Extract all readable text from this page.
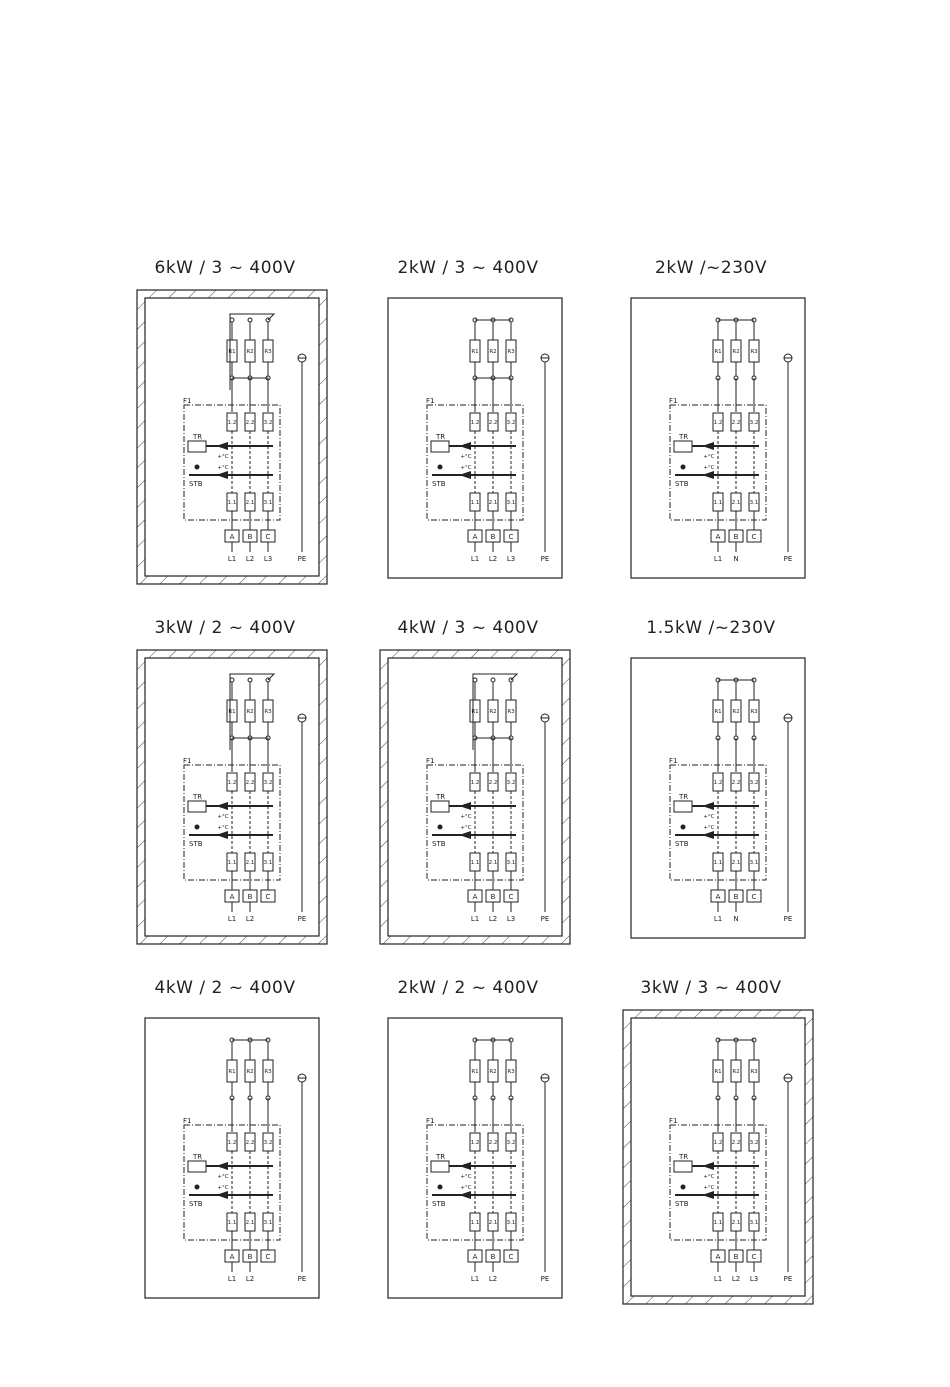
6kW / 3 ~ 400V
R1 R2 R3
F1
1.2
1.1
2.2
2.1
3.2
3.1
TR
+°C
+°C
STB
A B C
L1 L2 L3	PE
2kW / 3 ~ 400V
R1 R2 R3
F1
1.2
1.1
2.2
2.1
3.2
3.1
TR
+°C
+°C
STB
A B C
L1 L2 L3	PE
2kW /~230V
R1 R2 R3
F1
1.2
1.1
2.2
2.1
3.2
3.1
TR
+°C
+°C
STB
A B C
L1 N	PE
3kW / 2 ~ 400V
R1 R2 R3
F1
1.2
1.1
2.2
2.1
3.2
3.1
TR
+°C
+°C
STB
A B C
L1 L2	PE
4kW / 3 ~ 400V
R1 R2 R3
F1
1.2
1.1
2.2
2.1
3.2
3.1
TR
+°C
+°C
STB
A B C
L1 L2 L3	PE
1.5kW /~230V
R1 R2 R3
F1
1.2
1.1
2.2
2.1
3.2
3.1
TR
+°C
+°C
STB
A B C
L1 N	PE
4kW / 2 ~ 400V
R1 R2 R3
F1
1.2
1.1
2.2
2.1
3.2
3.1
TR
+°C
+°C
STB
A B C
L1 L2	PE
2kW / 2 ~ 400V
R1 R2 R3
F1
1.2
1.1
2.2
2.1
3.2
3.1
TR
+°C
+°C
STB
A B C
L1 L2	PE
3kW / 3 ~ 400V
R1 R2 R3
F1
1.2
1.1
2.2
2.1
3.2
3.1
TR
+°C
+°C
STB
A B C
L1 L2 L3	PE
